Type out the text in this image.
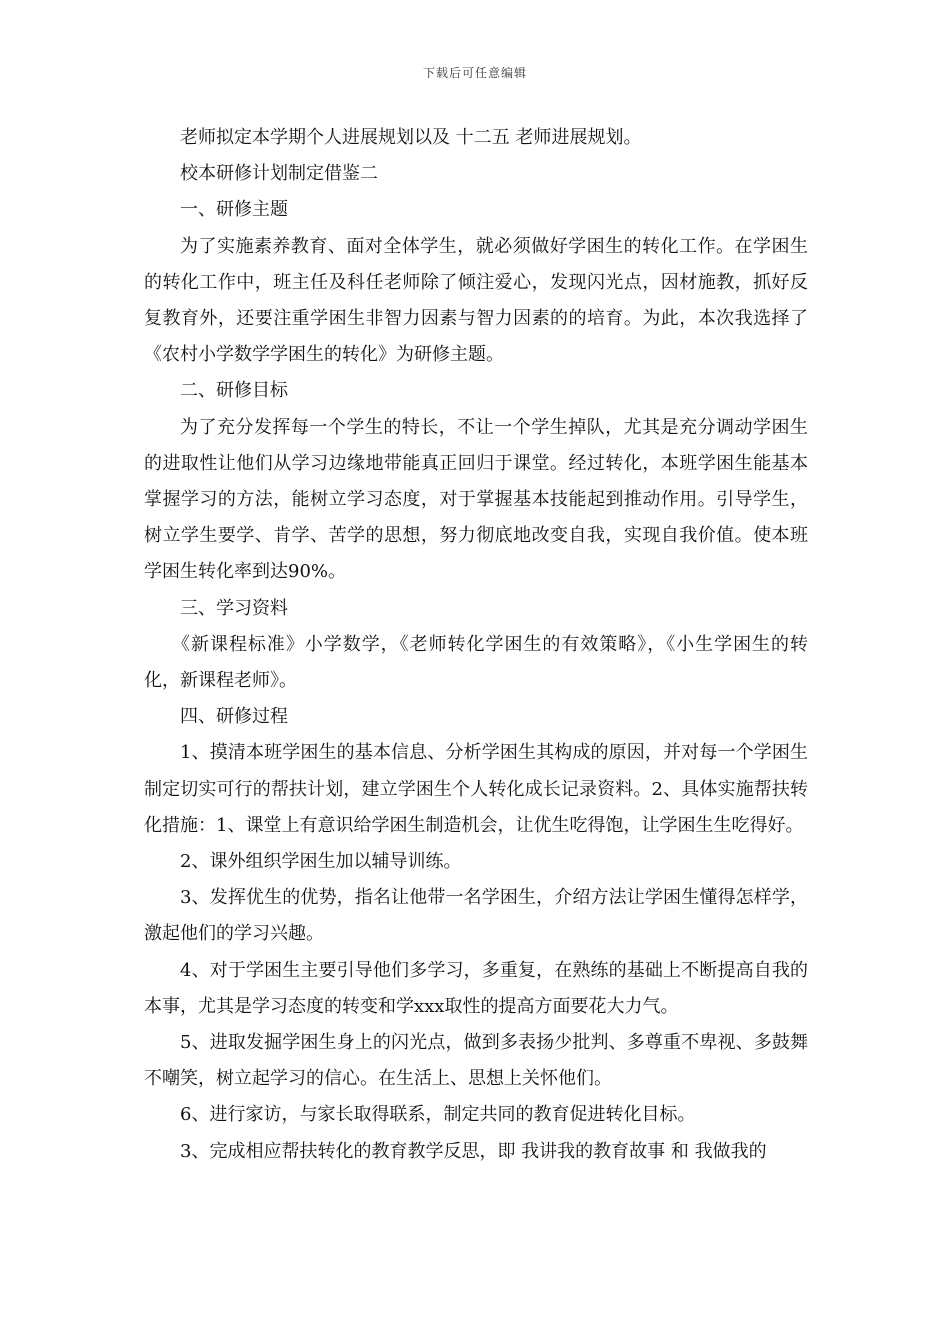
下载后可任意编辑

老师拟定本学期个人进展规划以及 十二五 老师进展规划。

校本研修计划制定借鉴二

一、研修主题

为了实施素养教育、面对全体学生，就必须做好学困生的转化工作。在学困生的转化工作中，班主任及科任老师除了倾注爱心，发现闪光点，因材施教，抓好反复教育外，还要注重学困生非智力因素与智力因素的的培育。为此，本次我选择了《农村小学数学学困生的转化》为研修主题。

二、研修目标

为了充分发挥每一个学生的特长，不让一个学生掉队，尤其是充分调动学困生的进取性让他们从学习边缘地带能真正回归于课堂。经过转化，本班学困生能基本掌握学习的方法，能树立学习态度，对于掌握基本技能起到推动作用。引导学生，树立学生要学、肯学、苦学的思想，努力彻底地改变自我，实现自我价值。使本班学困生转化率到达90%。

三、学习资料

《新课程标准》小学数学，《老师转化学困生的有效策略》，《小生学困生的转化，新课程老师》。

四、研修过程

1、摸清本班学困生的基本信息、分析学困生其构成的原因，并对每一个学困生制定切实可行的帮扶计划，建立学困生个人转化成长记录资料。2、具体实施帮扶转化措施：1、课堂上有意识给学困生制造机会，让优生吃得饱，让学困生生吃得好。

2、课外组织学困生加以辅导训练。

3、发挥优生的优势，指名让他带一名学困生，介绍方法让学困生懂得怎样学，激起他们的学习兴趣。

4、对于学困生主要引导他们多学习，多重复，在熟练的基础上不断提高自我的本事，尤其是学习态度的转变和学xxx取性的提高方面要花大力气。

5、进取发掘学困生身上的闪光点，做到多表扬少批判、多尊重不卑视、多鼓舞不嘲笑，树立起学习的信心。在生活上、思想上关怀他们。

6、进行家访，与家长取得联系，制定共同的教育促进转化目标。

3、完成相应帮扶转化的教育教学反思，即 我讲我的教育故事 和 我做我的
